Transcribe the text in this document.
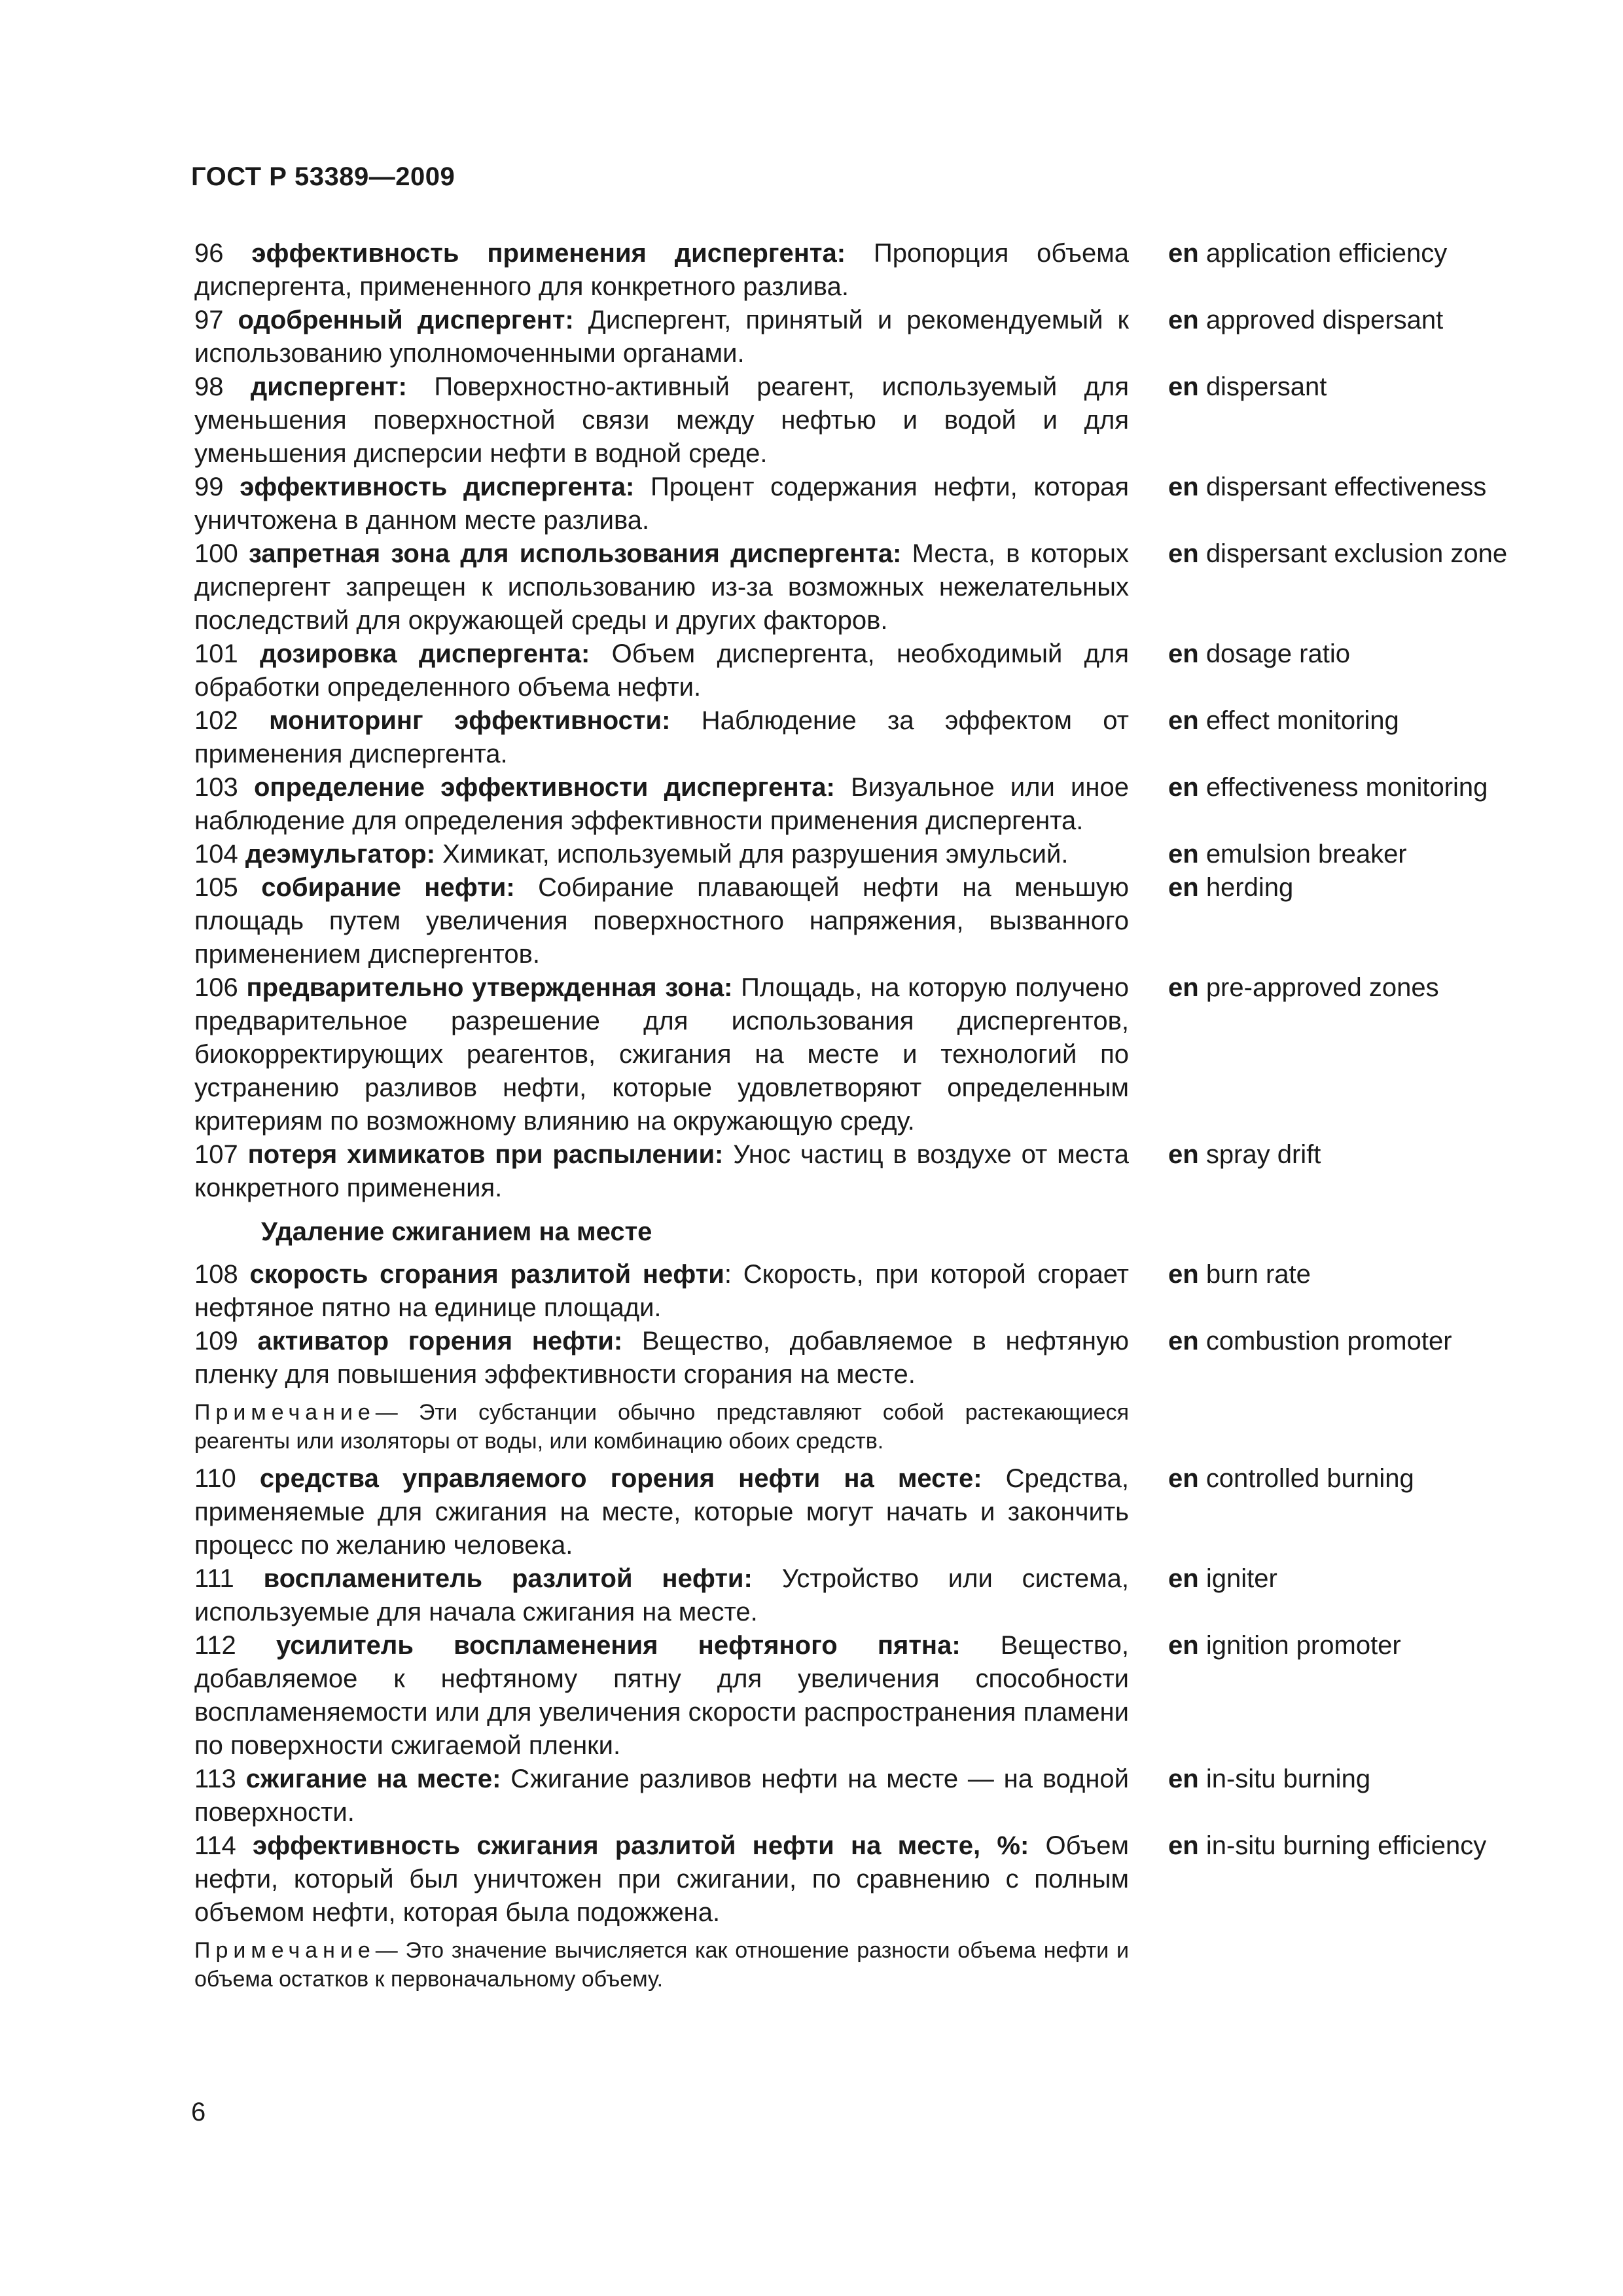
ГОСТ Р 53389—2009
96 эффективность применения диспергента: Пропорция объема диспергента, примененного для конкретного разлива.
en application efficiency
97 одобренный диспергент: Диспергент, принятый и рекомендуемый к использованию уполномоченными органами.
en approved dispersant
98 диспергент: Поверхностно-активный реагент, используемый для уменьшения поверхностной связи между нефтью и водой и для уменьшения дисперсии нефти в водной среде.
en dispersant
99 эффективность диспергента: Процент содержания нефти, которая уничтожена в данном месте разлива.
en dispersant effectiveness
100 запретная зона для использования диспергента: Места, в которых диспергент запрещен к использованию из-за возможных нежелательных последствий для окружающей среды и других факторов.
en dispersant exclusion zone
101 дозировка диспергента: Объем диспергента, необходимый для обработки определенного объема нефти.
en dosage ratio
102 мониторинг эффективности: Наблюдение за эффектом от применения диспергента.
en effect monitoring
103 определение эффективности диспергента: Визуальное или иное наблюдение для определения эффективности применения диспергента.
en effectiveness monitoring
104 деэмульгатор: Химикат, используемый для разрушения эмульсий.	en emulsion breaker
105 собирание нефти: Собирание плавающей нефти на меньшую площадь путем увеличения поверхностного напряжения, вызванного применением диспергентов.
en herding
106 предварительно утвержденная зона: Площадь, на которую получено предварительное разрешение для использования диспергентов, биокорректирующих реагентов, сжигания на месте и технологий по устранению разливов нефти, которые удовлетворяют определенным критериям по возможному влиянию на окружающую среду.
en pre-approved zones
107 потеря химикатов при распылении: Унос частиц в воздухе от места конкретного применения.
en spray drift
Удаление сжиганием на месте
108 скорость сгорания разлитой нефти: Скорость, при которой сгорает нефтяное пятно на единице площади.
en burn rate
109 активатор горения нефти: Вещество, добавляемое в нефтяную пленку для повышения эффективности сгорания на месте.
en combustion promoter
Примечание— Эти субстанции обычно представляют собой растекающиеся реагенты или изоляторы от воды, или комбинацию обоих средств.
110 средства управляемого горения нефти на месте: Средства, применяемые для сжигания на месте, которые могут начать и закончить процесс по желанию человека.
en controlled burning
111 воспламенитель разлитой нефти: Устройство или система, используемые для начала сжигания на месте.
en igniter
112 усилитель воспламенения нефтяного пятна: Вещество, добавляемое к нефтяному пятну для увеличения способности воспламеняемости или для увеличения скорости распространения пламени по поверхности сжигаемой пленки.
en ignition promoter
113 сжигание на месте: Сжигание разливов нефти на месте — на водной поверхности.
en in-situ burning
114 эффективность сжигания разлитой нефти на месте, %: Объем нефти, который был уничтожен при сжигании, по сравнению с полным объемом нефти, которая была подожжена.
en in-situ burning efficiency
Примечание— Это значение вычисляется как отношение разности объема нефти и объема остатков к первоначальному объему.
6
